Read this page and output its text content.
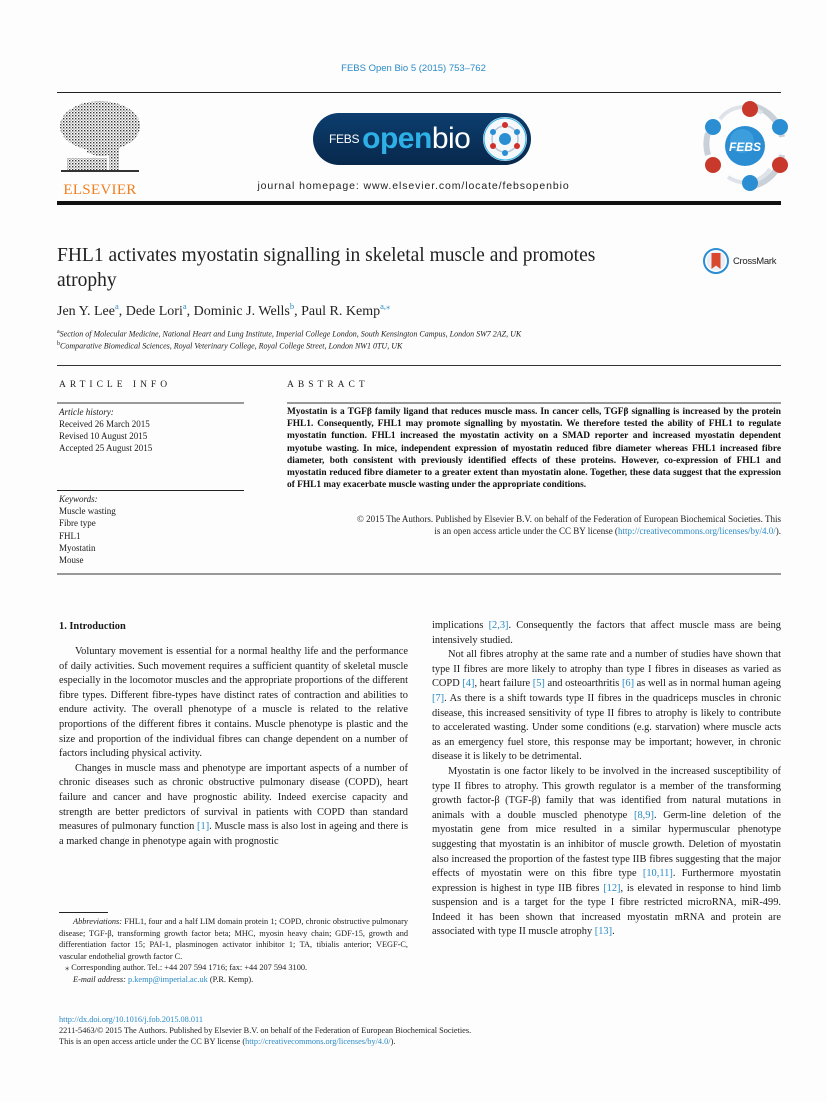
FEBS Open Bio 5 (2015) 753–762
ELSEVIER
FEBS open bio
journal homepage: www.elsevier.com/locate/febsopenbio
FEBS
FHL1 activates myostatin signalling in skeletal muscle and promotes atrophy
CrossMark
Jen Y. Lee$^a$, Dede Lori$^a$, Dominic J. Wells$^b$, Paul R. Kemp$^{a,⁎}$
$^a$Section of Molecular Medicine, National Heart and Lung Institute, Imperial College London, South Kensington Campus, London SW7 2AZ, UK
$^b$Comparative Biomedical Sciences, Royal Veterinary College, Royal College Street, London NW1 0TU, UK
ARTICLE INFO
Article history:
Received 26 March 2015
Revised 10 August 2015
Accepted 25 August 2015
Keywords:
Muscle wasting
Fibre type
FHL1
Myostatin
Mouse
ABSTRACT
Myostatin is a TGFβ family ligand that reduces muscle mass. In cancer cells, TGFβ signalling is increased by the protein FHL1. Consequently, FHL1 may promote signalling by myostatin. We therefore tested the ability of FHL1 to regulate myostatin function. FHL1 increased the myostatin activity on a SMAD reporter and increased myostatin dependent myotube wasting. In mice, independent expression of myostatin reduced fibre diameter whereas FHL1 increased fibre diameter, both consistent with previously identified effects of these proteins. However, co-expression of FHL1 and myostatin reduced fibre diameter to a greater extent than myostatin alone. Together, these data suggest that the expression of FHL1 may exacerbate muscle wasting under the appropriate conditions.
© 2015 The Authors. Published by Elsevier B.V. on behalf of the Federation of European Biochemical Societies. This
is an open access article under the CC BY license (http://creativecommons.org/licenses/by/4.0/).
1. Introduction

Voluntary movement is essential for a normal healthy life and the performance of daily activities. Such movement requires a sufficient quantity of skeletal muscle especially in the locomotor muscles and the appropriate proportions of the different fibre types. Different fibre-types have distinct rates of contraction and abilities to endure activity. The overall phenotype of a muscle is related to the relative proportions of the different fibres it contains. Muscle phenotype is plastic and the size and proportion of the individual fibres can change dependent on a number of factors including physical activity.

Changes in muscle mass and phenotype are important aspects of a number of chronic diseases such as chronic obstructive pulmonary disease (COPD), heart failure and cancer and have prognostic ability. Indeed exercise capacity and strength are better predictors of survival in patients with COPD than standard measures of pulmonary function [1]. Muscle mass is also lost in ageing and there is a marked change in phenotype again with prognostic

implications [2,3]. Consequently the factors that affect muscle mass are being intensively studied.

Not all fibres atrophy at the same rate and a number of studies have shown that type II fibres are more likely to atrophy than type I fibres in diseases as varied as COPD [4], heart failure [5] and osteoarthritis [6] as well as in normal human ageing [7]. As there is a shift towards type II fibres in the quadriceps muscles in chronic disease, this increased sensitivity of type II fibres to atrophy is likely to contribute to accelerated wasting. Under some conditions (e.g. starvation) where muscle acts as an emergency fuel store, this response may be important; however, in chronic disease it is likely to be detrimental.

Myostatin is one factor likely to be involved in the increased susceptibility of type II fibres to atrophy. This growth regulator is a member of the transforming growth factor-β (TGF-β) family that was identified from natural mutations in animals with a double muscled phenotype [8,9]. Germ-line deletion of the myostatin gene from mice resulted in a similar hypermuscular phenotype suggesting that myostatin is an inhibitor of muscle growth. Deletion of myostatin also increased the proportion of the fastest type IIB fibres suggesting that the major effects of myostatin were on this fibre type [10,11]. Furthermore myostatin expression is highest in type IIB fibres [12], is elevated in response to hind limb suspension and is a target for the type I fibre restricted microRNA, miR-499. Indeed it has been shown that increased myostatin mRNA and protein are associated with type II muscle atrophy [13].

Abbreviations: FHL1, four and a half LIM domain protein 1; COPD, chronic obstructive pulmonary disease; TGF-β, transforming growth factor beta; MHC, myosin heavy chain; GDF-15, growth and differentiation factor 15; PAI-1, plasminogen activator inhibitor 1; TA, tibialis anterior; VEGF-C, vascular endothelial growth factor C.
⁎ Corresponding author. Tel.: +44 207 594 1716; fax: +44 207 594 3100.
E-mail address: p.kemp@imperial.ac.uk (P.R. Kemp).
http://dx.doi.org/10.1016/j.fob.2015.08.011
2211-5463/© 2015 The Authors. Published by Elsevier B.V. on behalf of the Federation of European Biochemical Societies.
This is an open access article under the CC BY license (http://creativecommons.org/licenses/by/4.0/).
